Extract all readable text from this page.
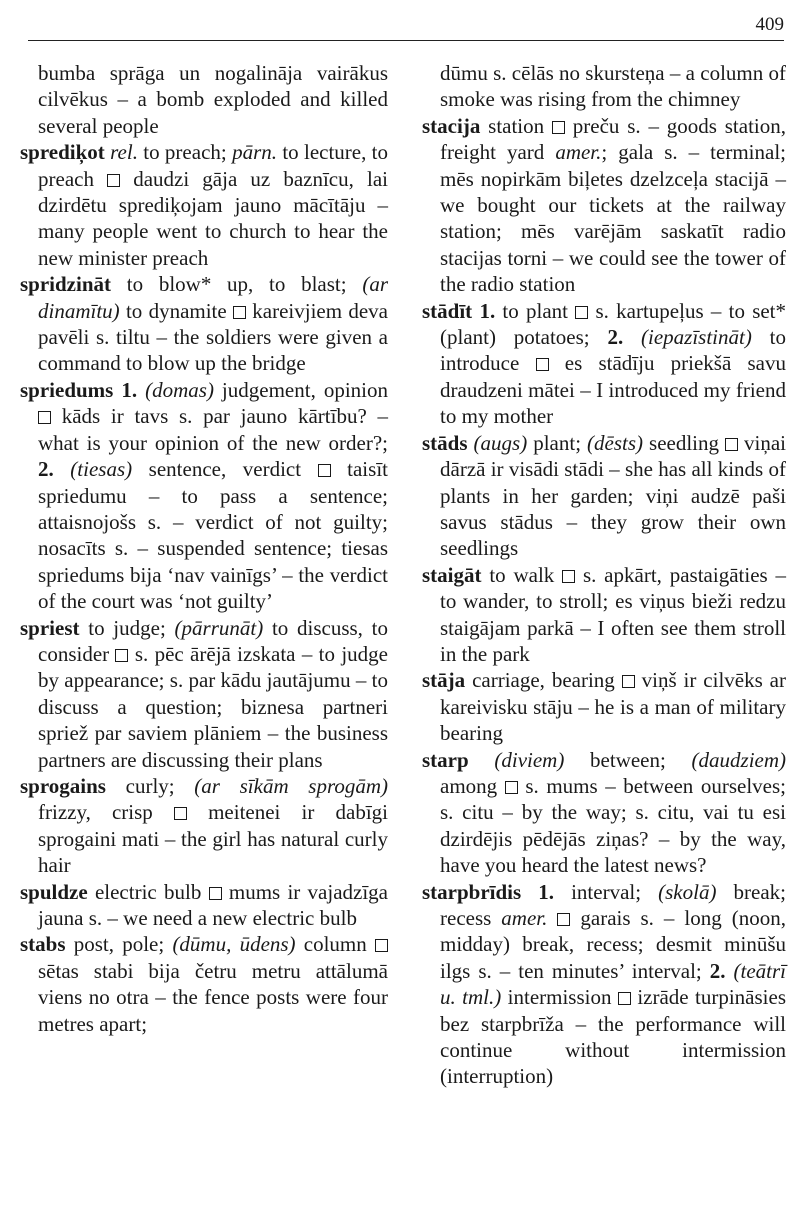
409

bumba sprāga un nogalināja vairākus cilvēkus – a bomb exploded and killed several people

sprediķot rel. to preach; pārn. to lecture, to preach  daudzi gāja uz baznīcu, lai dzirdētu sprediķojam jauno mācītāju – many people went to church to hear the new minister preach

spridzināt to blow* up, to blast; (ar dinamītu) to dynamite  kareivjiem deva pavēli s. tiltu – the soldiers were given a command to blow up the bridge

spriedums 1. (domas) judgement, opinion  kāds ir tavs s. par jauno kārtību? – what is your opinion of the new order?; 2. (tiesas) sentence, verdict  taisīt spriedumu – to pass a sentence; attaisnojošs s. – verdict of not guilty; nosacīts s. – suspended sentence; tiesas spriedums bija ‘nav vainīgs’ – the verdict of the court was ‘not guilty’

spriest to judge; (pārrunāt) to discuss, to consider  s. pēc ārējā izskata – to judge by appearance; s. par kādu jautājumu – to discuss a question; biznesa partneri spriež par saviem plāniem – the business partners are discussing their plans

sprogains curly; (ar sīkām sprogām) frizzy, crisp  meitenei ir dabīgi sprogaini mati – the girl has natural curly hair

spuldze electric bulb  mums ir vajadzīga jauna s. – we need a new electric bulb

stabs post, pole; (dūmu, ūdens) column  sētas stabi bija četru metru attālumā viens no otra – the fence posts were four metres apart;

dūmu s. cēlās no skursteņa – a column of smoke was rising from the chimney

stacija station  preču s. – goods station, freight yard amer.; gala s. – terminal; mēs nopirkām biļetes dzelzceļa stacijā – we bought our tickets at the railway station; mēs varējām saskatīt radio stacijas torni – we could see the tower of the radio station

stādīt 1. to plant  s. kartupeļus – to set* (plant) potatoes; 2. (iepazīstināt) to introduce  es stādīju priekšā savu draudzeni mātei – I introduced my friend to my mother

stāds (augs) plant; (dēsts) seedling  viņai dārzā ir visādi stādi – she has all kinds of plants in her garden; viņi audzē paši savus stādus – they grow their own seedlings

staigāt to walk  s. apkārt, pastaigāties – to wander, to stroll; es viņus bieži redzu staigājam parkā – I often see them stroll in the park

stāja carriage, bearing  viņš ir cilvēks ar kareivisku stāju – he is a man of military bearing

starp (diviem) between; (daudziem) among  s. mums – between ourselves; s. citu – by the way; s. citu, vai tu esi dzirdējis pēdējās ziņas? – by the way, have you heard the latest news?

starpbrīdis 1. interval; (skolā) break; recess amer.  garais s. – long (noon, midday) break, recess; desmit minūšu ilgs s. – ten minutes’ interval; 2. (teātrī u. tml.) intermission  izrāde turpināsies bez starpbrīža – the performance will continue without intermission (interruption)
